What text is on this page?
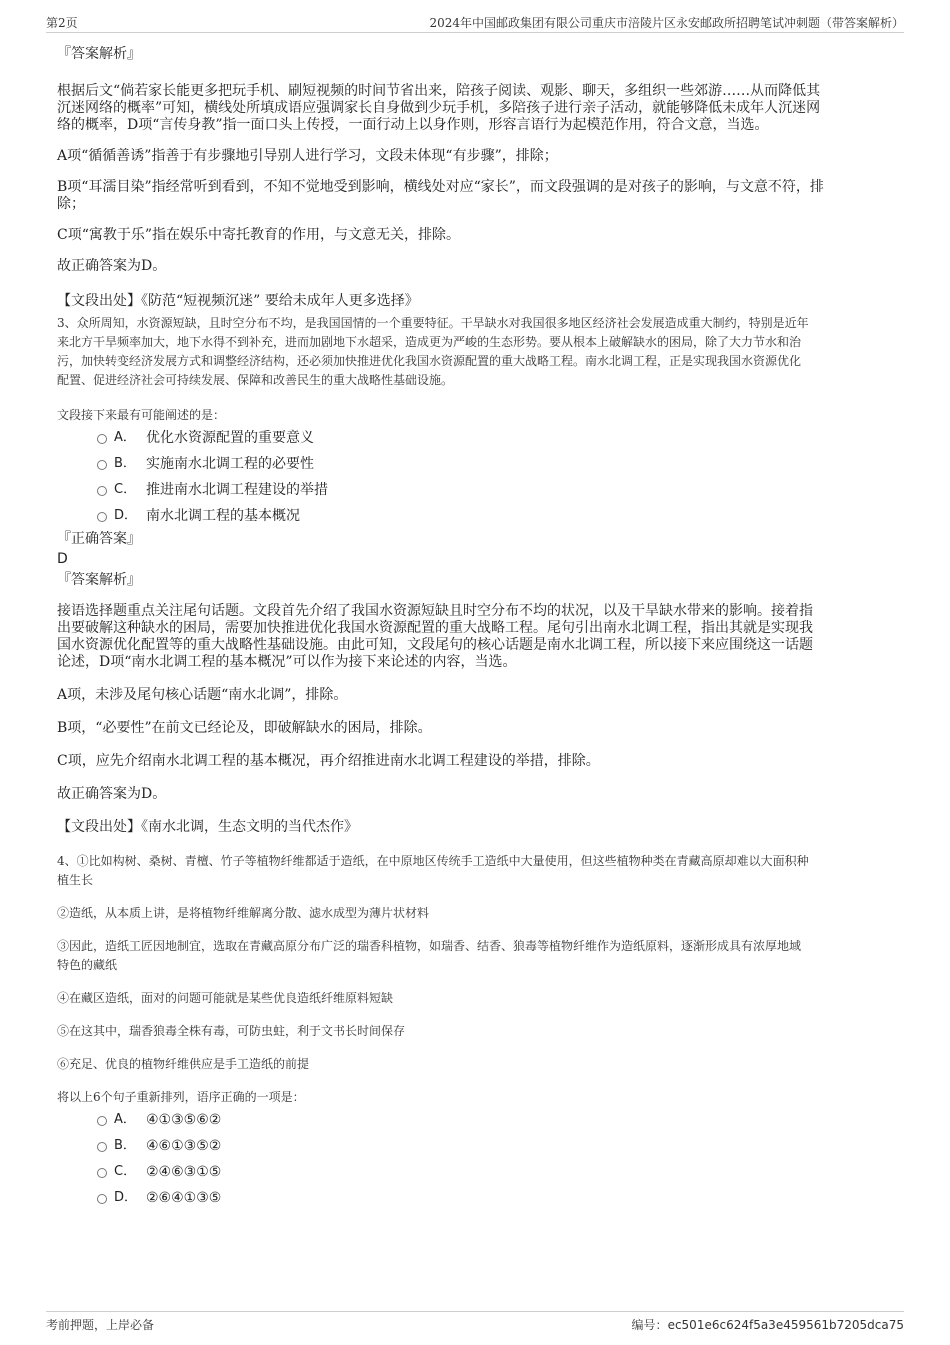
第2页	2024年中国邮政集团有限公司重庆市涪陵片区永安邮政所招聘笔试冲刺题（带答案解析）

『答案解析』

根据后文“倘若家长能更多把玩手机、刷短视频的时间节省出来，陪孩子阅读、观影、聊天，多组织一些郊游……从而降低其

沉迷网络的概率”可知，横线处所填成语应强调家长自身做到少玩手机，多陪孩子进行亲子活动，就能够降低未成年人沉迷网

络的概率，D项“言传身教”指一面口头上传授，一面行动上以身作则，形容言语行为起模范作用，符合文意，当选。

A项“循循善诱”指善于有步骤地引导别人进行学习，文段未体现“有步骤”，排除；

B项“耳濡目染”指经常听到看到，不知不觉地受到影响，横线处对应“家长”，而文段强调的是对孩子的影响，与文意不符，排

除；

C项“寓教于乐”指在娱乐中寄托教育的作用，与文意无关，排除。

故正确答案为D。

【文段出处】《防范“短视频沉迷” 要给未成年人更多选择》

3、众所周知，水资源短缺，且时空分布不均，是我国国情的一个重要特征。干旱缺水对我国很多地区经济社会发展造成重大制约，特别是近年

来北方干旱频率加大，地下水得不到补充，进而加剧地下水超采，造成更为严峻的生态形势。要从根本上破解缺水的困局，除了大力节水和治

污，加快转变经济发展方式和调整经济结构，还必须加快推进优化我国水资源配置的重大战略工程。南水北调工程，正是实现我国水资源优化

配置、促进经济社会可持续发展、保障和改善民生的重大战略性基础设施。

文段接下来最有可能阐述的是：

A． 优化水资源配置的重要意义
B． 实施南水北调工程的必要性
C． 推进南水北调工程建设的举措
D． 南水北调工程的基本概况

『正确答案』

D

『答案解析』

接语选择题重点关注尾句话题。文段首先介绍了我国水资源短缺且时空分布不均的状况，以及干旱缺水带来的影响。接着指

出要破解这种缺水的困局，需要加快推进优化我国水资源配置的重大战略工程。尾句引出南水北调工程，指出其就是实现我

国水资源优化配置等的重大战略性基础设施。由此可知，文段尾句的核心话题是南水北调工程，所以接下来应围绕这一话题

论述，D项“南水北调工程的基本概况”可以作为接下来论述的内容，当选。

A项，未涉及尾句核心话题“南水北调”，排除。

B项，“必要性”在前文已经论及，即破解缺水的困局，排除。

C项，应先介绍南水北调工程的基本概况，再介绍推进南水北调工程建设的举措，排除。

故正确答案为D。

【文段出处】《南水北调，生态文明的当代杰作》

4、①比如构树、桑树、青檀、竹子等植物纤维都适于造纸，在中原地区传统手工造纸中大量使用，但这些植物种类在青藏高原却难以大面积种

植生长

②造纸，从本质上讲，是将植物纤维解离分散、滤水成型为薄片状材料

③因此，造纸工匠因地制宜，选取在青藏高原分布广泛的瑞香科植物，如瑞香、结香、狼毒等植物纤维作为造纸原料，逐渐形成具有浓厚地域

特色的藏纸

④在藏区造纸，面对的问题可能就是某些优良造纸纤维原料短缺

⑤在这其中，瑞香狼毒全株有毒，可防虫蛀，利于文书长时间保存

⑥充足、优良的植物纤维供应是手工造纸的前提

将以上6个句子重新排列，语序正确的一项是：

A． ④①③⑤⑥②
B． ④⑥①③⑤②
C． ②④⑥③①⑤
D． ②⑥④①③⑤
考前押题，上岸必备	编号：ec501e6c624f5a3e459561b7205dca75
